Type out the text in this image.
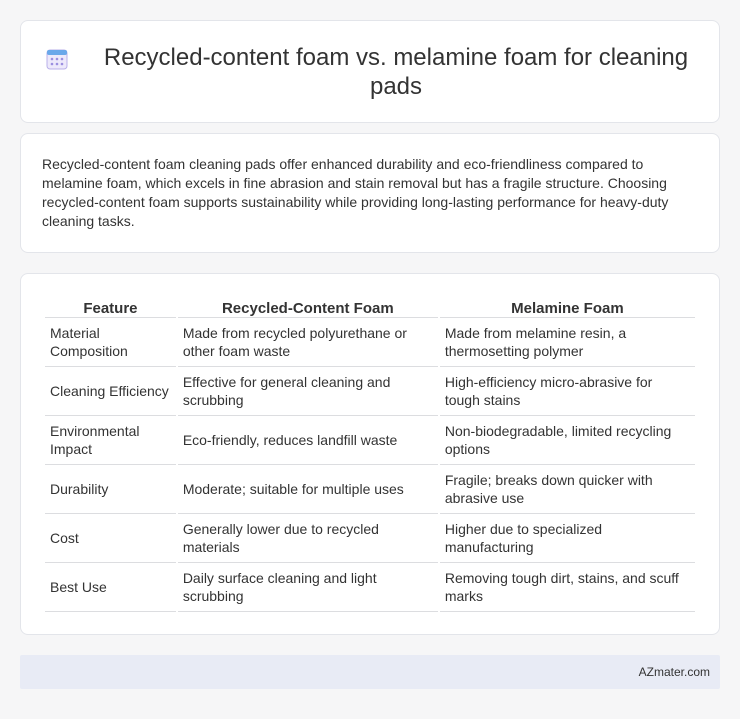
Recycled-content foam vs. melamine foam for cleaning pads

Recycled-content foam cleaning pads offer enhanced durability and eco-friendliness compared to melamine foam, which excels in fine abrasion and stain removal but has a fragile structure. Choosing recycled-content foam supports sustainability while providing long-lasting performance for heavy-duty cleaning tasks.

Feature	Recycled-Content Foam	Melamine Foam
Material Composition	Made from recycled polyurethane or other foam waste	Made from melamine resin, a thermosetting polymer
Cleaning Efficiency	Effective for general cleaning and scrubbing	High-efficiency micro-abrasive for tough stains
Environmental Impact	Eco-friendly, reduces landfill waste	Non-biodegradable, limited recycling options
Durability	Moderate; suitable for multiple uses	Fragile; breaks down quicker with abrasive use
Cost	Generally lower due to recycled materials	Higher due to specialized manufacturing
Best Use	Daily surface cleaning and light scrubbing	Removing tough dirt, stains, and scuff marks
AZmater.com
